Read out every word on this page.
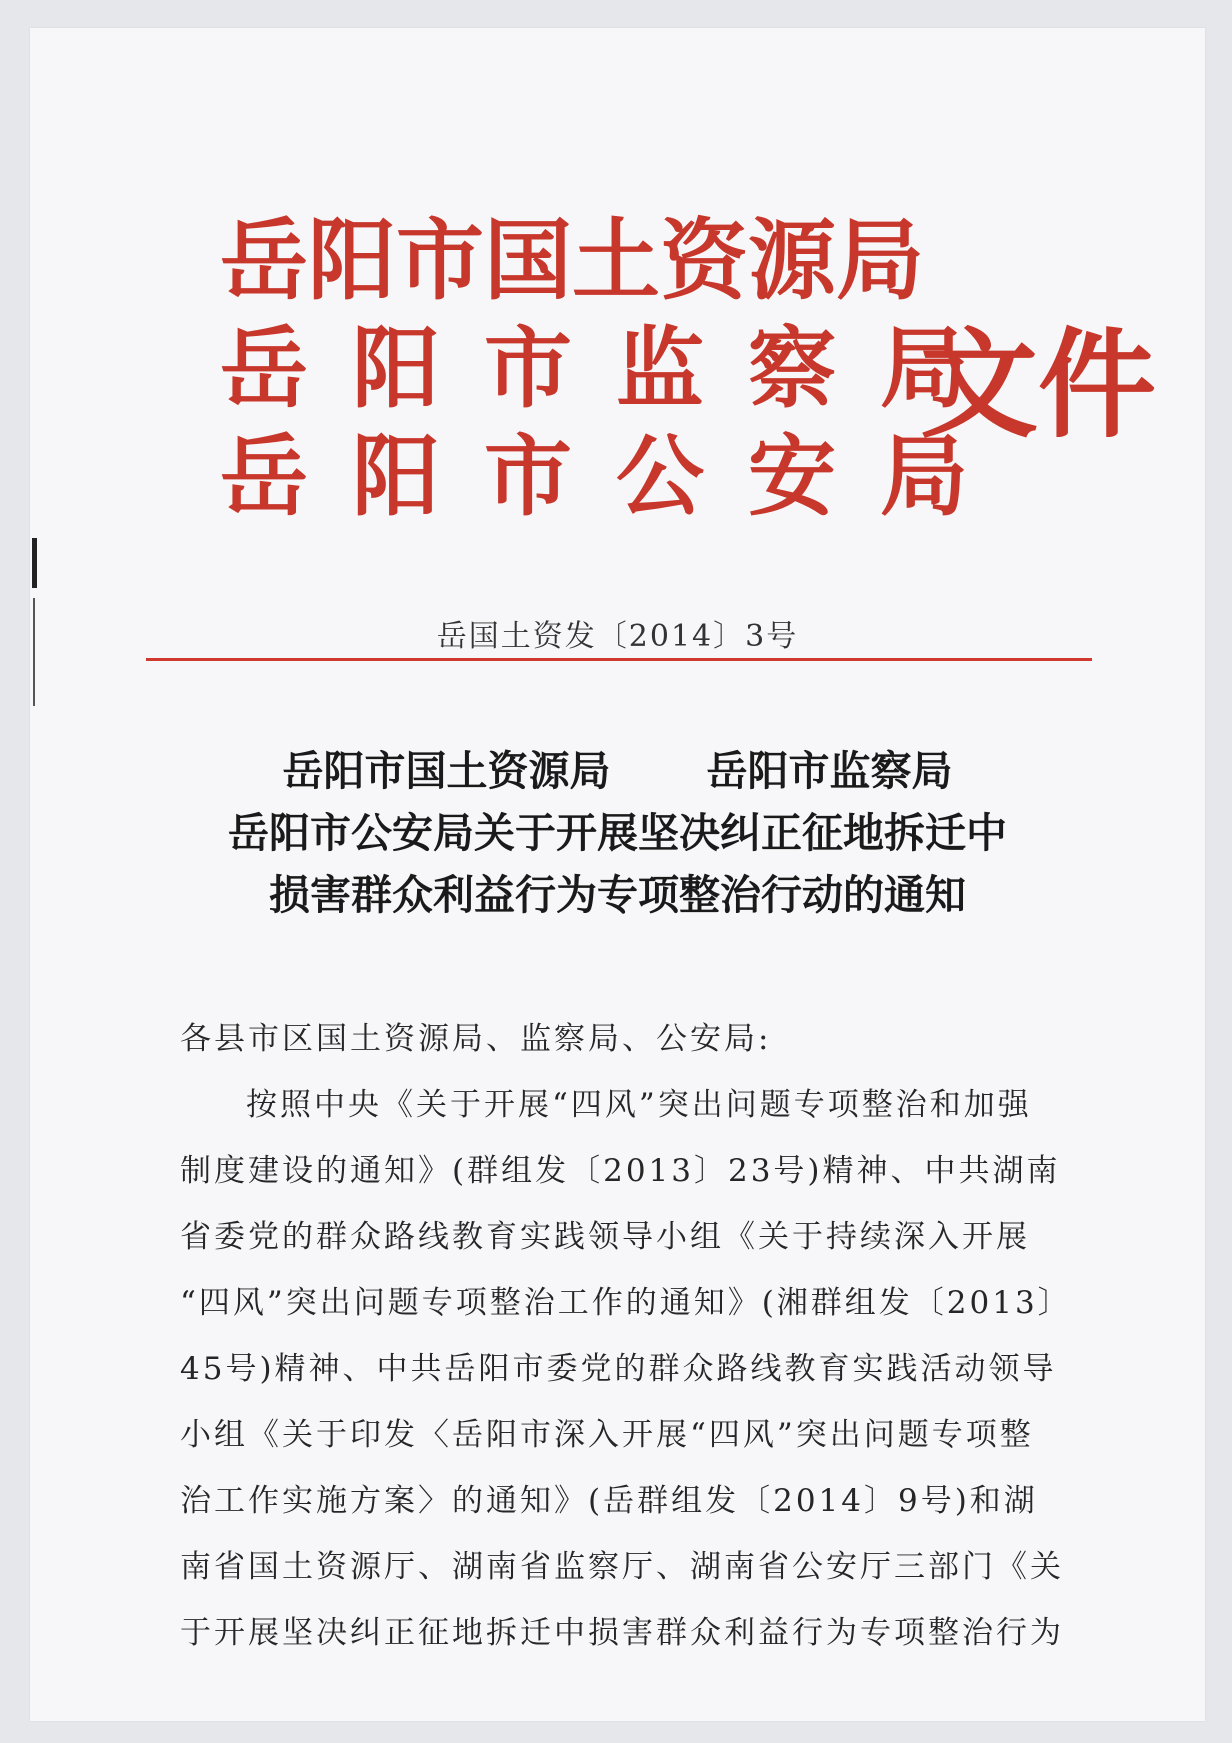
岳阳市国土资源局
岳阳市监察局
岳阳市公安局
文件
岳国土资发〔2014〕3号
岳阳市国土资源局 岳阳市监察局
岳阳市公安局关于开展坚决纠正征地拆迁中
损害群众利益行为专项整治行动的通知
各县市区国土资源局、监察局、公安局:
按照中央《关于开展“四风”突出问题专项整治和加强
制度建设的通知》(群组发〔2013〕23号)精神、中共湖南
省委党的群众路线教育实践领导小组《关于持续深入开展
“四风”突出问题专项整治工作的通知》(湘群组发〔2013〕
45号)精神、中共岳阳市委党的群众路线教育实践活动领导
小组《关于印发〈岳阳市深入开展“四风”突出问题专项整
治工作实施方案〉的通知》(岳群组发〔2014〕9号)和湖
南省国土资源厅、湖南省监察厅、湖南省公安厅三部门《关
于开展坚决纠正征地拆迁中损害群众利益行为专项整治行为
